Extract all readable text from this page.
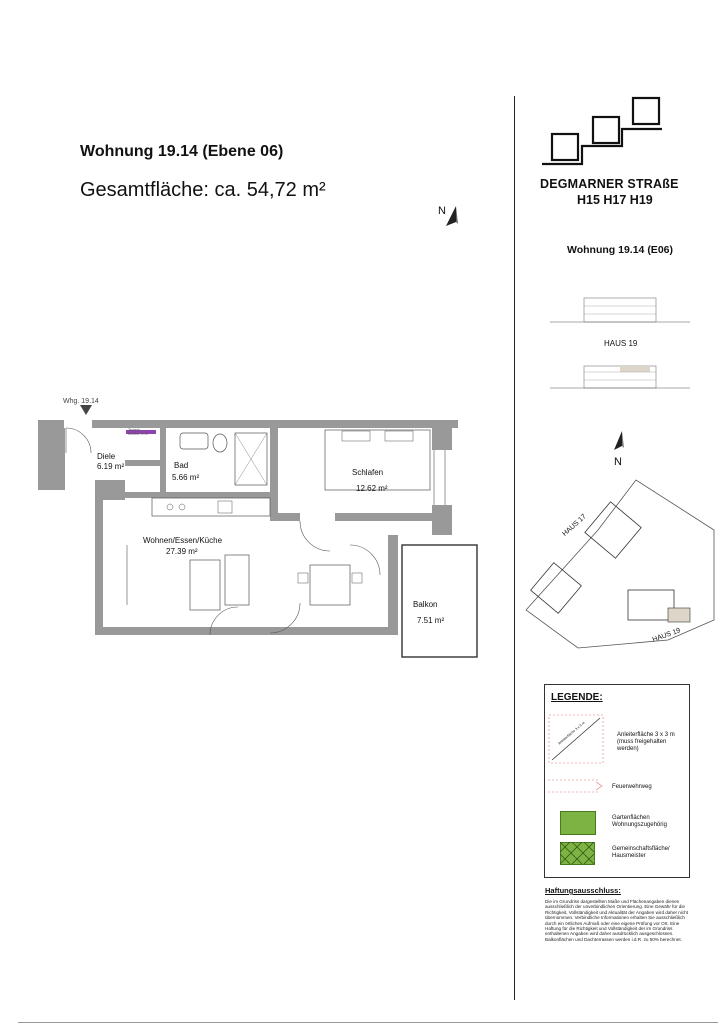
Wohnung 19.14 (Ebene 06)
Gesamtfläche: ca. 54,72 m²
N
Whg. 19.14
Diele
6.19 m²	Bad
5.66 m²
Schlafen
12.62 m²
Wohnen/Essen/Küche
27.39 m²
Balkon
7.51 m²
Technik, Elektro, H.-E.
DEGMARNER STRAßE
H15 H17 H19
Wohnung 19.14 (E06)
HAUS 19
N
HAUS 17
HAUS 19
LEGENDE:
Anleiterfläche 3 x 3 m	Anleiterfläche 3 x 3 m (muss freigehalten werden)
Feuerwehrweg
Gartenflächen Wohnungszugehörig
Gemeinschaftsfläche/ Hausmeister
Haftungsausschluss:
Die im Grundriss dargestellten Maße und Flächenangaben dienen ausschließlich der unverbindlichen Orientierung. Eine Gewähr für die Richtigkeit, Vollständigkeit und Aktualität der Angaben wird daher nicht übernommen. Verbindliche Informationen erhalten Sie ausschließlich durch ein örtliches Aufmaß oder eine eigene Prüfung vor Ort. Eine Haftung für die Richtigkeit und Vollständigkeit der im Grundriss enthaltenen Angaben wird daher ausdrücklich ausgeschlossen. Balkonflächen und Dachterrassen werden i.d.R. zu 50% berechnet.
